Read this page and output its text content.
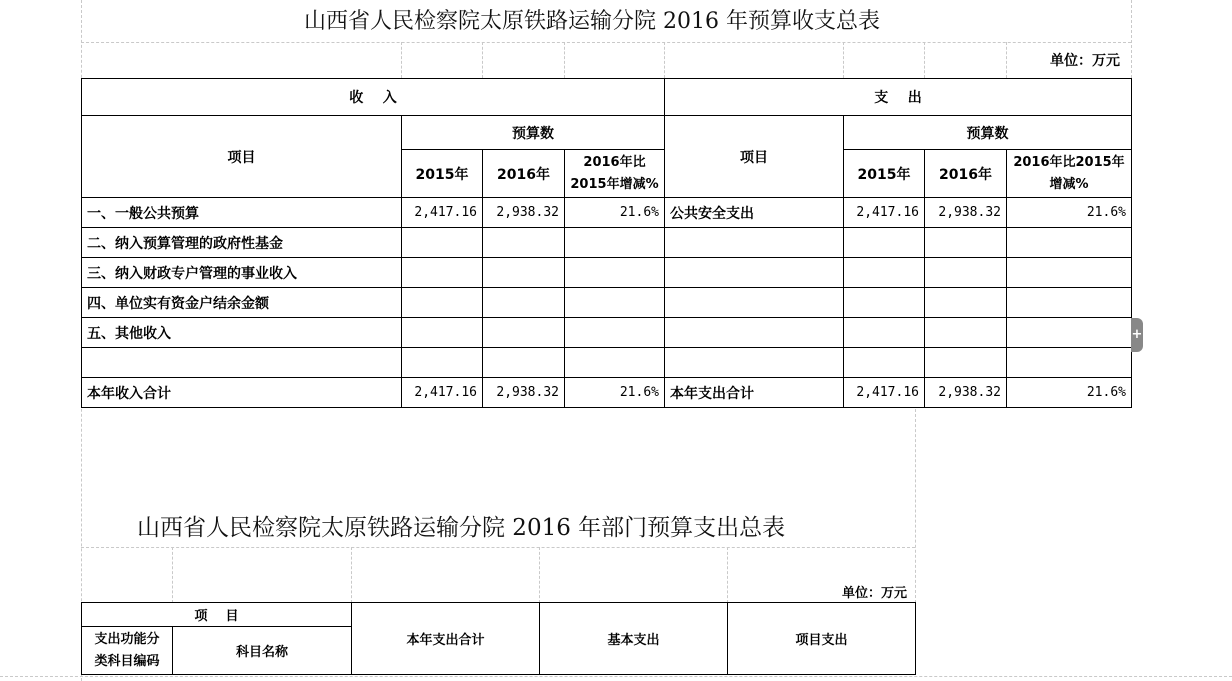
山西省人民检察院太原铁路运输分院 2016 年预算收支总表
单位：万元
收    入				支    出			
项目	预算数			项目	预算数		
	2015年	2016年	2016年比2015年增减%		2015年	2016年	2016年比2015年增减%
一、一般公共预算	2,417.16	2,938.32	21.6%	公共安全支出	2,417.16	2,938.32	21.6%
二、纳入预算管理的政府性基金							
三、纳入财政专户管理的事业收入							
四、单位实有资金户结余金额							
五、其他收入							

本年收入合计	2,417.16	2,938.32	21.6%	本年支出合计	2,417.16	2,938.32	21.6%
+
山西省人民检察院太原铁路运输分院 2016 年部门预算支出总表
单位：万元
项    目		本年支出合计	基本支出	项目支出
支出功能分类科目编码	科目名称			
